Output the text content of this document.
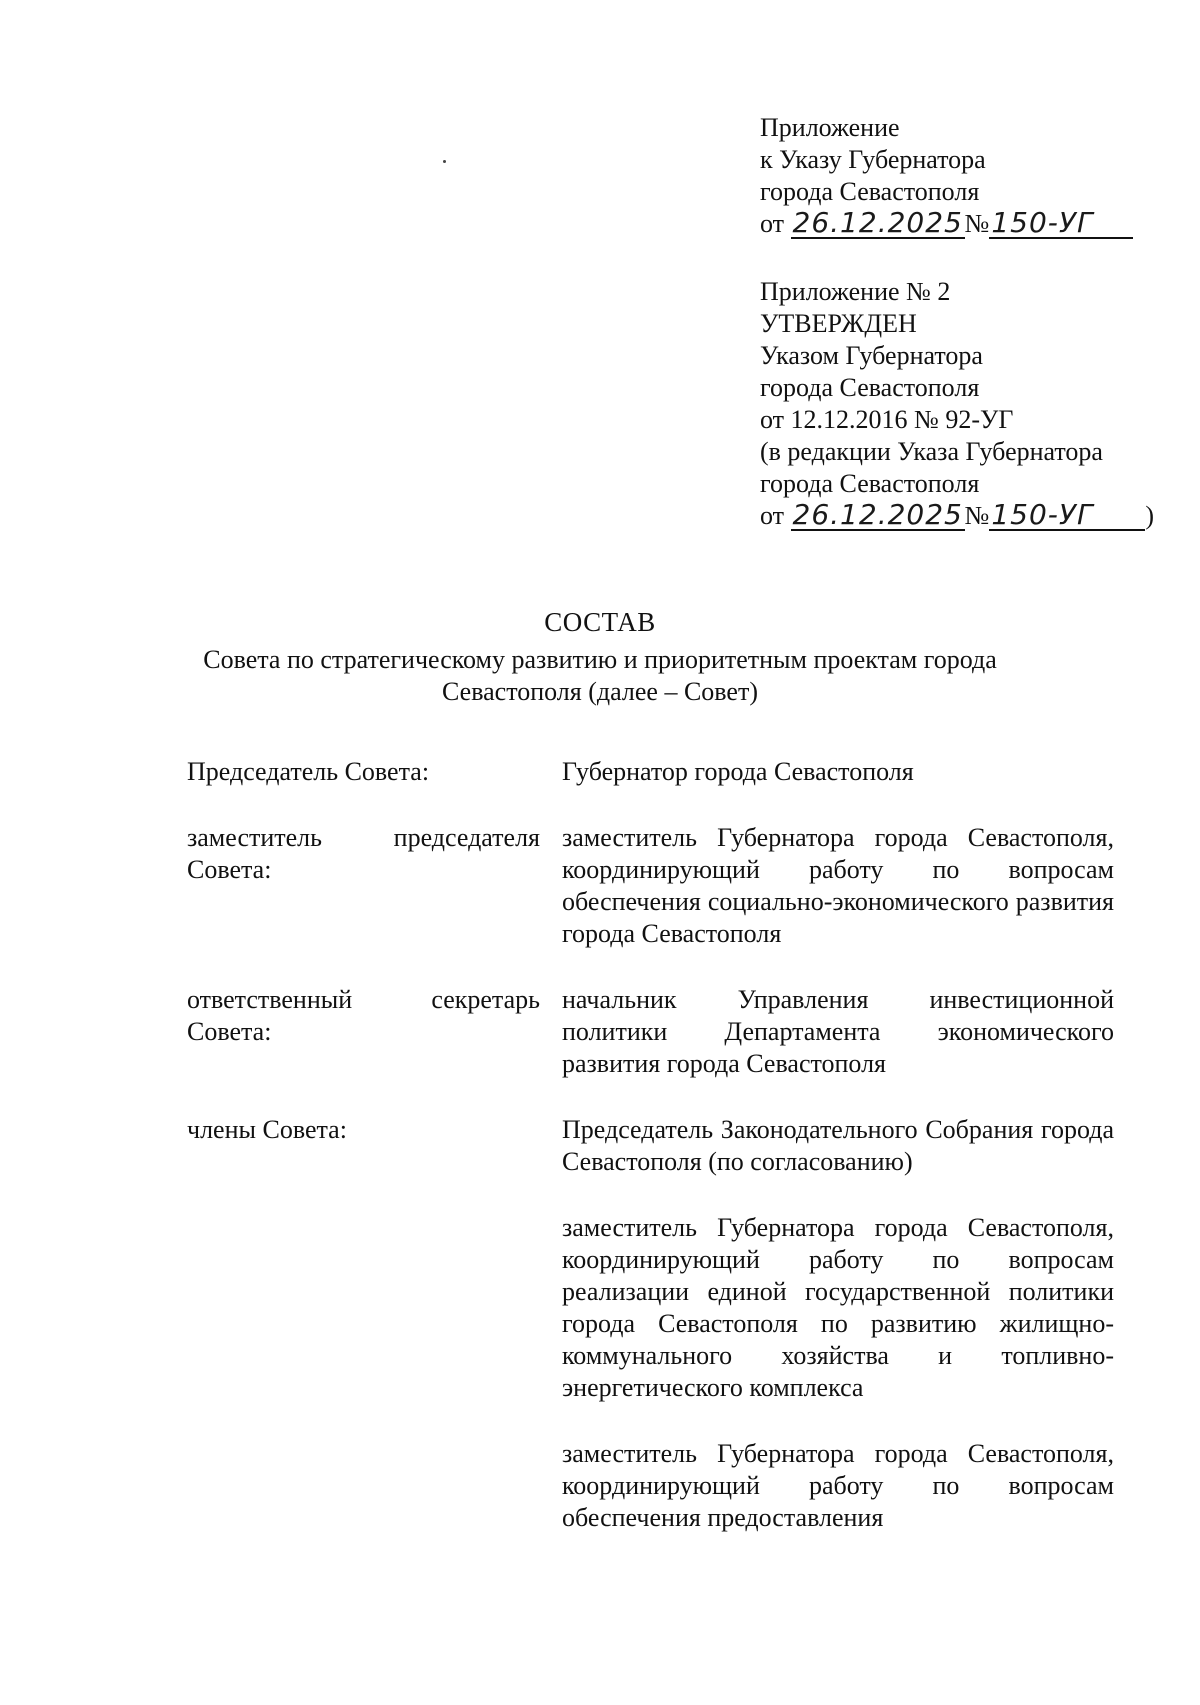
Приложение
к Указу Губернатора
города Севастополя
от 26.12.2025№150-УГ
Приложение № 2
УТВЕРЖДЕН
Указом Губернатора
города Севастополя
от 12.12.2016 № 92-УГ
(в редакции Указа Губернатора
города Севастополя
от 26.12.2025№150-УГ )
СОСТАВ
Совета по стратегическому развитию и приоритетным проектам города
Севастополя (далее – Совет)
Председатель Совета:	Губернатор города Севастополя

заместитель председателя Совета:

заместитель Губернатора города Севастополя, координирующий работу по вопросам обеспечения социально-экономического развития города Севастополя

ответственный секретарь Совета:

начальник Управления инвестиционной политики Департамента экономического развития города Севастополя

члены Совета:	Председатель Законодательного Собрания города Севастополя (по согласованию)

заместитель Губернатора города Севастополя, координирующий работу по вопросам реализации единой государственной политики города Севастополя по развитию жилищно-коммунального хозяйства и топливно-энергетического комплекса

заместитель Губернатора города Севастополя, координирующий работу по вопросам обеспечения предоставления
